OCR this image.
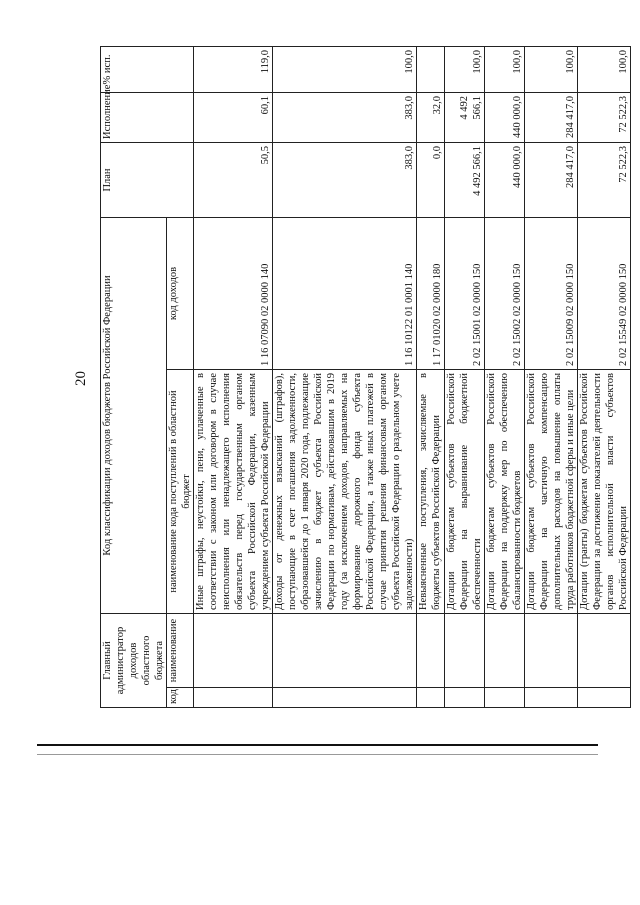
20
Главный администратор доходов областного бюджета		Код классификации доходов бюджетов Российской Федерации		План	Исполнение	% исп.
код	наименование	наименование кода поступлений в областной бюджет	код доходов			
		Иные штрафы, неустойки, пени, уплаченные в соответствии с законом или договором в случае неисполнения или ненадлежащего исполнения обязательств перед государственным органом субъекта Российской Федерации, казенным учреждением субъекта Российской Федерации	1 16 07090 02 0000 140	50,5	60,1	119,0
		Доходы от денежных взысканий (штрафов), поступающие в счет погашения задолженности, образовавшейся до 1 января 2020 года, подлежащие зачислению в бюджет субъекта Российской Федерации по нормативам, действовавшим в 2019 году (за исключением доходов, направляемых на формирование дорожного фонда субъекта Российской Федерации, а также иных платежей в случае принятия решения финансовым органом субъекта Российской Федерации о раздельном учете задолженности)	1 16 10122 01 0001 140	383,0	383,0	100,0
		Невыясненные поступления, зачисляемые в бюджеты субъектов Российской Федерации	1 17 01020 02 0000 180	0,0	32,0	
		Дотации бюджетам субъектов Российской Федерации на выравнивание бюджетной обеспеченности	2 02 15001 02 0000 150	4 492 566,1	4 492 566,1	100,0
		Дотации бюджетам субъектов Российской Федерации на поддержку мер по обеспечению сбалансированности бюджетов	2 02 15002 02 0000 150	440 000,0	440 000,0	100,0
		Дотации бюджетам субъектов Российской Федерации на частичную компенсацию дополнительных расходов на повышение оплаты труда работников бюджетной сферы и иные цели	2 02 15009 02 0000 150	284 417,0	284 417,0	100,0
		Дотации (гранты) бюджетам субъектов Российской Федерации за достижение показателей деятельности органов исполнительной власти субъектов Российской Федерации	2 02 15549 02 0000 150	72 522,3	72 522,3	100,0
